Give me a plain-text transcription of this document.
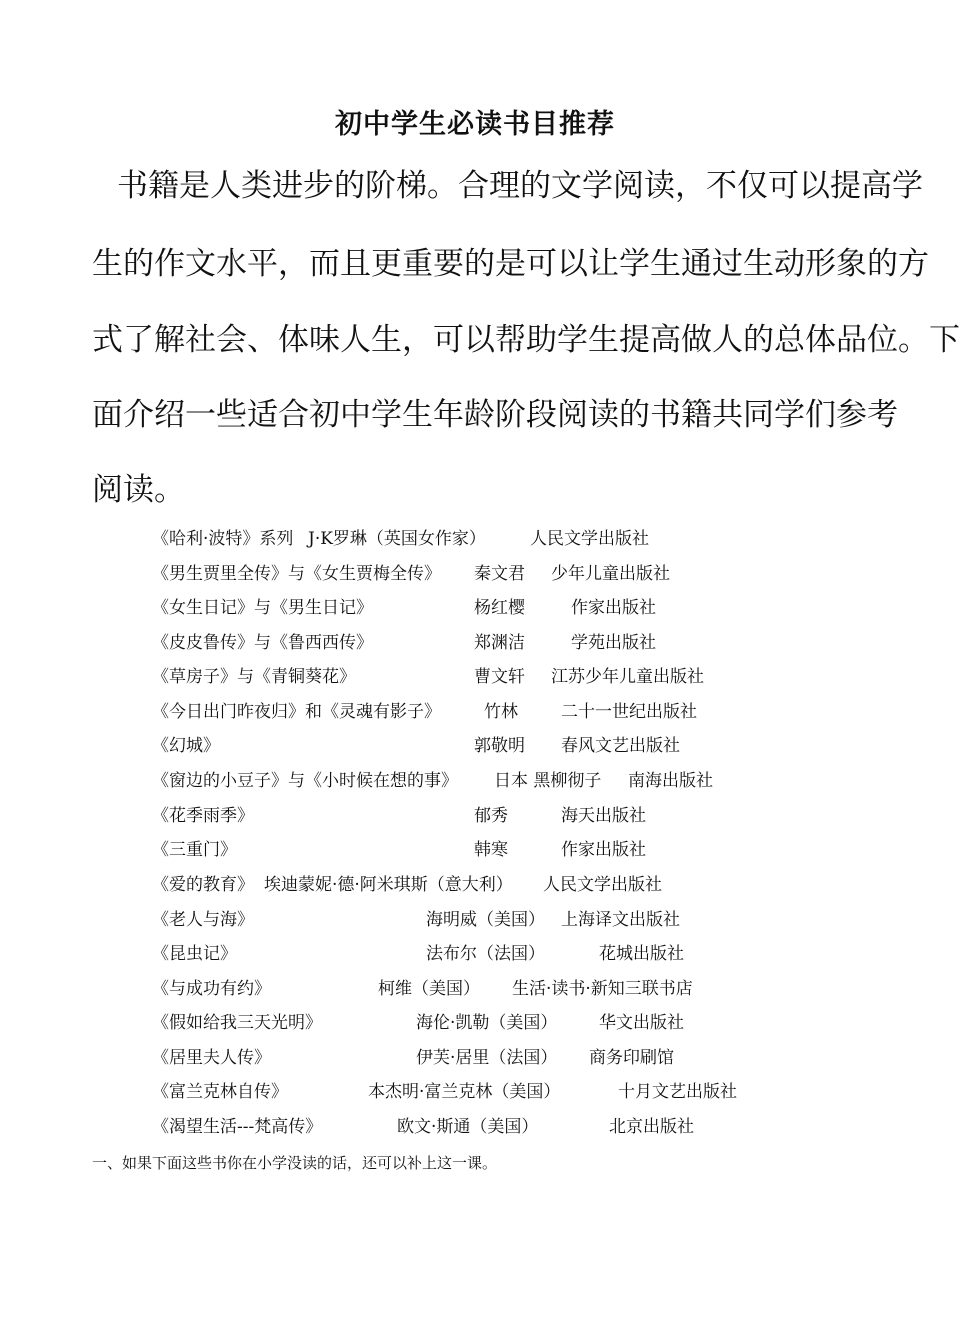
初中学生必读书目推荐
书籍是人类进步的阶梯。合理的文学阅读，不仅可以提高学
生的作文水平，而且更重要的是可以让学生通过生动形象的方
式了解社会、体味人生，可以帮助学生提高做人的总体品位。下
面介绍一些适合初中学生年龄阶段阅读的书籍共同学们参考
阅读。
《哈利·波特》系列 J·K罗琳（英国女作家）	人民文学出版社
《男生贾里全传》与《女生贾梅全传》 秦文君 少年儿童出版社
《女生日记》与《男生日记》	杨红樱	作家出版社
《皮皮鲁传》与《鲁西西传》	郑渊洁	学苑出版社
《草房子》与《青铜葵花》	曹文轩 江苏少年儿童出版社
《今日出门昨夜归》和《灵魂有影子》	竹林	二十一世纪出版社
《幻城》	郭敬明 春风文艺出版社
《窗边的小豆子》与《小时候在想的事》 日本 黑柳彻子 南海出版社
《花季雨季》	郁秀	海天出版社
《三重门》	韩寒	作家出版社
《爱的教育》 埃迪蒙妮·德·阿米琪斯（意大利） 人民文学出版社
《老人与海》	海明威（美国） 上海译文出版社
《昆虫记》	法布尔（法国）	花城出版社
《与成功有约》	柯维（美国） 生活·读书·新知三联书店
《假如给我三天光明》	海伦·凯勒（美国） 华文出版社
《居里夫人传》	伊芙·居里（法国） 商务印刷馆
《富兰克林自传》	本杰明·富兰克林（美国）	十月文艺出版社
《渴望生活---梵高传》	欧文·斯通（美国）	北京出版社
一、如果下面这些书你在小学没读的话，还可以补上这一课。
